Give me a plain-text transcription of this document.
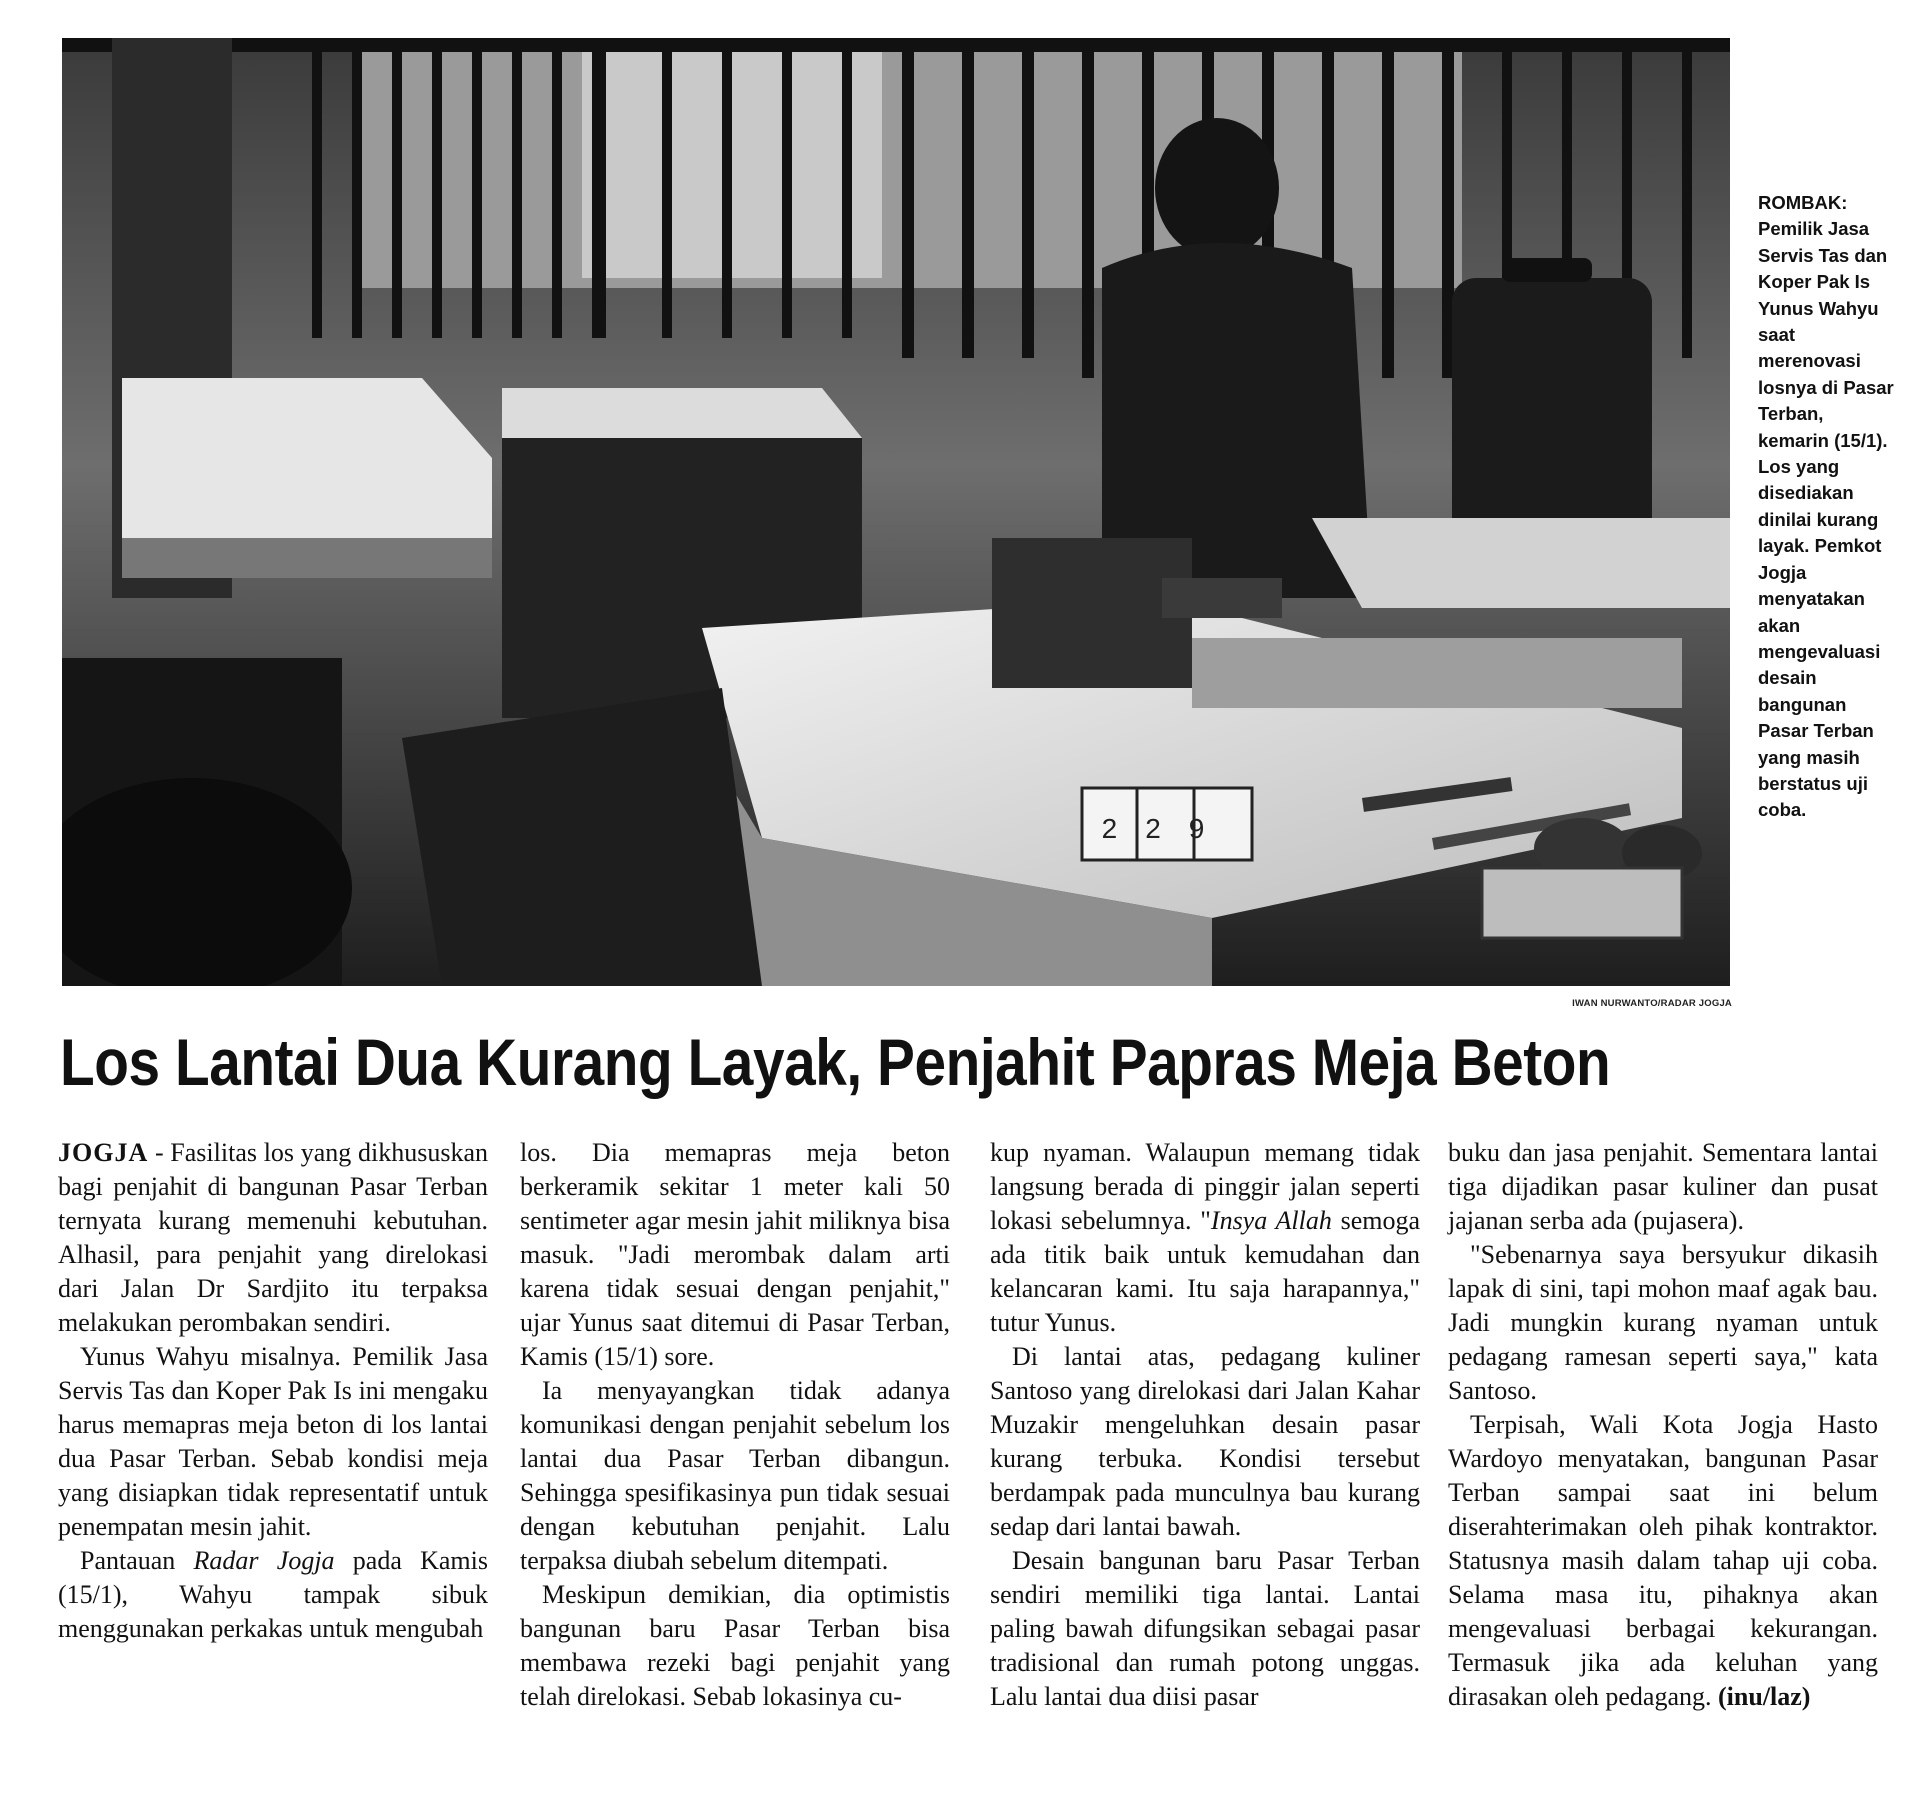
229
ROMBAK:
Pemilik Jasa Servis Tas dan Koper Pak Is Yunus Wahyu saat merenovasi losnya di Pasar Terban, kemarin (15/1). Los yang disediakan dinilai kurang layak. Pemkot Jogja menyatakan akan mengevaluasi desain bangunan Pasar Terban yang masih berstatus uji coba.
IWAN NURWANTO/RADAR JOGJA
Los Lantai Dua Kurang Layak, Penjahit Papras Meja Beton

JOGJA - Fasilitas los yang dikhususkan bagi penjahit di bangunan Pasar Terban ternyata kurang memenuhi kebutuhan. Alhasil, para penjahit yang direlokasi dari Jalan Dr Sardjito itu terpaksa melakukan perombakan sendiri.

Yunus Wahyu misalnya. Pemilik Jasa Servis Tas dan Koper Pak Is ini mengaku harus memapras meja beton di los lantai dua Pasar Terban. Sebab kondisi meja yang disiapkan tidak representatif untuk penempatan mesin jahit.

Pantauan Radar Jogja pada Kamis (15/1), Wahyu tampak sibuk menggunakan perkakas untuk mengubah

los. Dia memapras meja beton berkeramik sekitar 1 meter kali 50 sentimeter agar mesin jahit miliknya bisa masuk. "Jadi merombak dalam arti karena tidak sesuai dengan penjahit," ujar Yunus saat ditemui di Pasar Terban, Kamis (15/1) sore.

Ia menyayangkan tidak adanya komunikasi dengan penjahit sebelum los lantai dua Pasar Terban dibangun. Sehingga spesifikasinya pun tidak sesuai dengan kebutuhan penjahit. Lalu terpaksa diubah sebelum ditempati.

Meskipun demikian, dia optimistis bangunan baru Pasar Terban bisa membawa rezeki bagi penjahit yang telah direlokasi. Sebab lokasinya cu-

kup nyaman. Walaupun memang tidak langsung berada di pinggir jalan seperti lokasi sebelumnya. "Insya Allah semoga ada titik baik untuk kemudahan dan kelancaran kami. Itu saja harapannya," tutur Yunus.

Di lantai atas, pedagang kuliner Santoso yang direlokasi dari Jalan Kahar Muzakir mengeluhkan desain pasar kurang terbuka. Kondisi tersebut berdampak pada munculnya bau kurang sedap dari lantai bawah.

Desain bangunan baru Pasar Terban sendiri memiliki tiga lantai. Lantai paling bawah difungsikan sebagai pasar tradisional dan rumah potong unggas. Lalu lantai dua diisi pasar

buku dan jasa penjahit. Sementara lantai tiga dijadikan pasar kuliner dan pusat jajanan serba ada (pujasera).

"Sebenarnya saya bersyukur dikasih lapak di sini, tapi mohon maaf agak bau. Jadi mungkin kurang nyaman untuk pedagang ramesan seperti saya," kata Santoso.

Terpisah, Wali Kota Jogja Hasto Wardoyo menyatakan, bangunan Pasar Terban sampai saat ini belum diserahterimakan oleh pihak kontraktor. Statusnya masih dalam tahap uji coba. Selama masa itu, pihaknya akan mengevaluasi berbagai kekurangan. Termasuk jika ada keluhan yang dirasakan oleh pedagang. (inu/laz)
